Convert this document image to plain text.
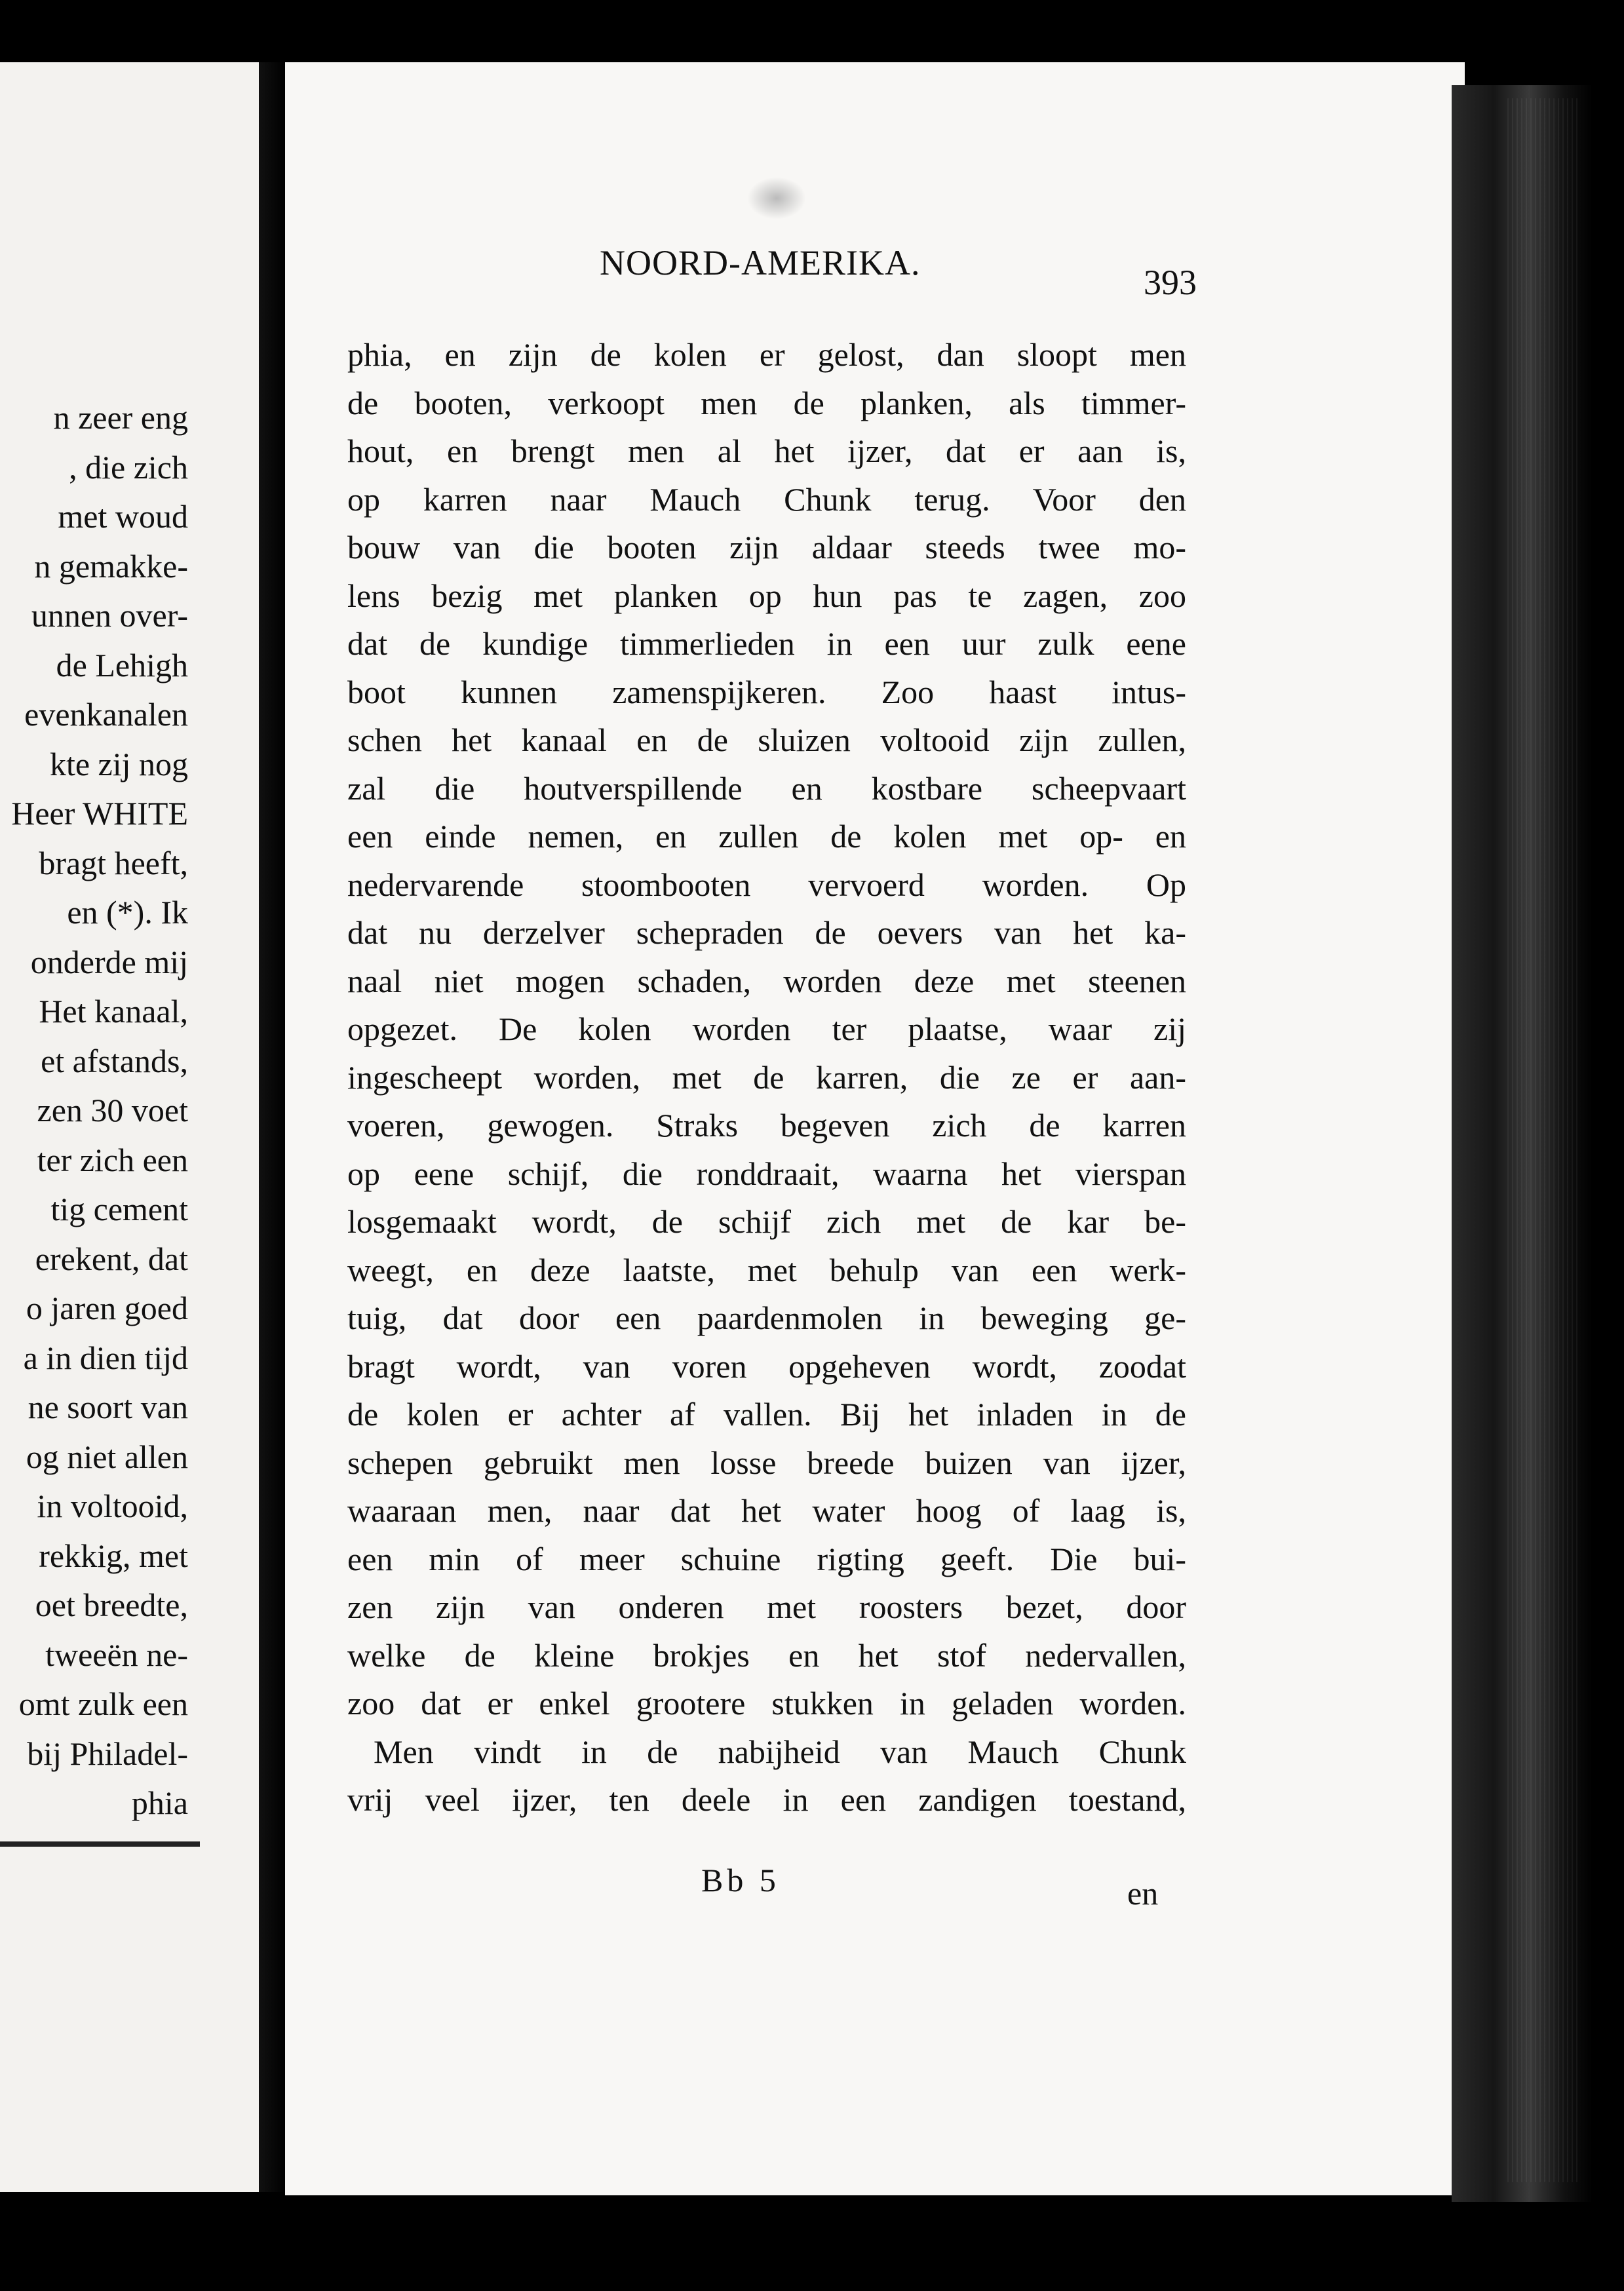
n zeer eng
, die zich
met woud
n gemakke-
unnen over-
de Lehigh
evenkanalen
kte zij nog
Heer WHITE
bragt heeft,
en (*). Ik
onderde mij
Het kanaal,
et afstands,
zen 30 voet
ter zich een
tig cement
erekent, dat
o jaren goed
a in dien tijd
ne soort van
og niet allen
in voltooid,
rekkig, met
oet breedte,
tweeën ne-
omt zulk een
bij Philadel-
phia
NOORD-AMERIKA.	393
phia, en zijn de kolen er gelost, dan sloopt men
de booten, verkoopt men de planken, als timmer-
hout, en brengt men al het ijzer, dat er aan is,
op karren naar Mauch Chunk terug. Voor den
bouw van die booten zijn aldaar steeds twee mo-
lens bezig met planken op hun pas te zagen, zoo
dat de kundige timmerlieden in een uur zulk eene
boot kunnen zamenspijkeren. Zoo haast intus-
schen het kanaal en de sluizen voltooid zijn zullen,
zal die houtverspillende en kostbare scheepvaart
een einde nemen, en zullen de kolen met op- en
nedervarende stoombooten vervoerd worden. Op
dat nu derzelver schepraden de oevers van het ka-
naal niet mogen schaden, worden deze met steenen
opgezet. De kolen worden ter plaatse, waar zij
ingescheept worden, met de karren, die ze er aan-
voeren, gewogen. Straks begeven zich de karren
op eene schijf, die ronddraait, waarna het vierspan
losgemaakt wordt, de schijf zich met de kar be-
weegt, en deze laatste, met behulp van een werk-
tuig, dat door een paardenmolen in beweging ge-
bragt wordt, van voren opgeheven wordt, zoodat
de kolen er achter af vallen. Bij het inladen in de
schepen gebruikt men losse breede buizen van ijzer,
waaraan men, naar dat het water hoog of laag is,
een min of meer schuine rigting geeft. Die bui-
zen zijn van onderen met roosters bezet, door
welke de kleine brokjes en het stof nedervallen,
zoo dat er enkel grootere stukken in geladen worden.
Men vindt in de nabijheid van Mauch Chunk
vrij veel ijzer, ten deele in een zandigen toestand,
Bb 5	en
